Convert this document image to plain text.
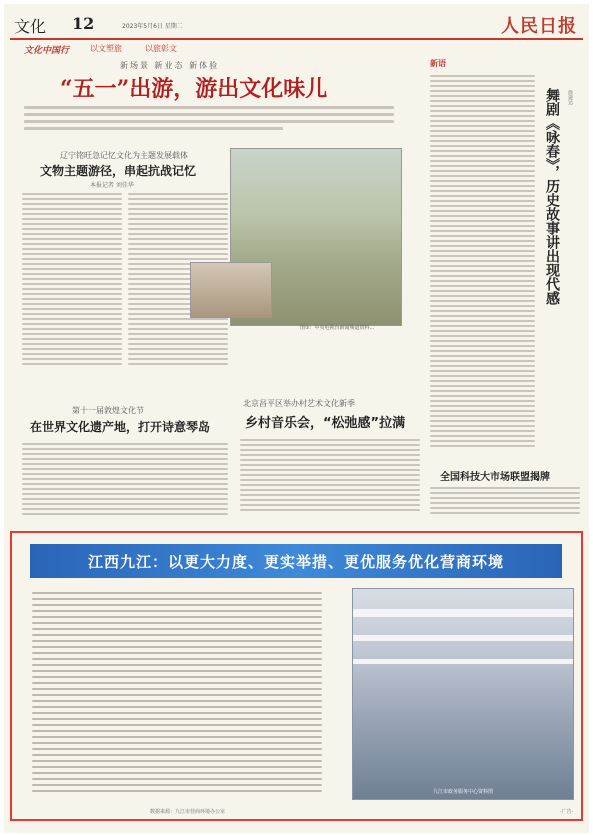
文化 12	2023年5月6日 星期二	人民日报
文化中国行	以文塑旅	以旅彰文
新场景 新业态 新体验
“五一”出游，游出文化味儿
辽宁铭旺急记忆文化为主题发展载体
文物主题游径，串起抗战记忆
本报记者 刘佳华
图①：中央电视台新闻频道资料...
第十一届敦煌文化节
在世界文化遗产地，打开诗意琴岛
北京昌平区举办村艺术文化新季
乡村音乐会，“松弛感”拉满
新语
舞剧《咏春》，历史故事讲出现代感	徐建达
全国科技大市场联盟揭牌
江西九江：以更大力度、更实举措、更优服务优化营商环境
九江市政务服务中心资料图
数据来源：九江市营商环境办公室	·广告·
